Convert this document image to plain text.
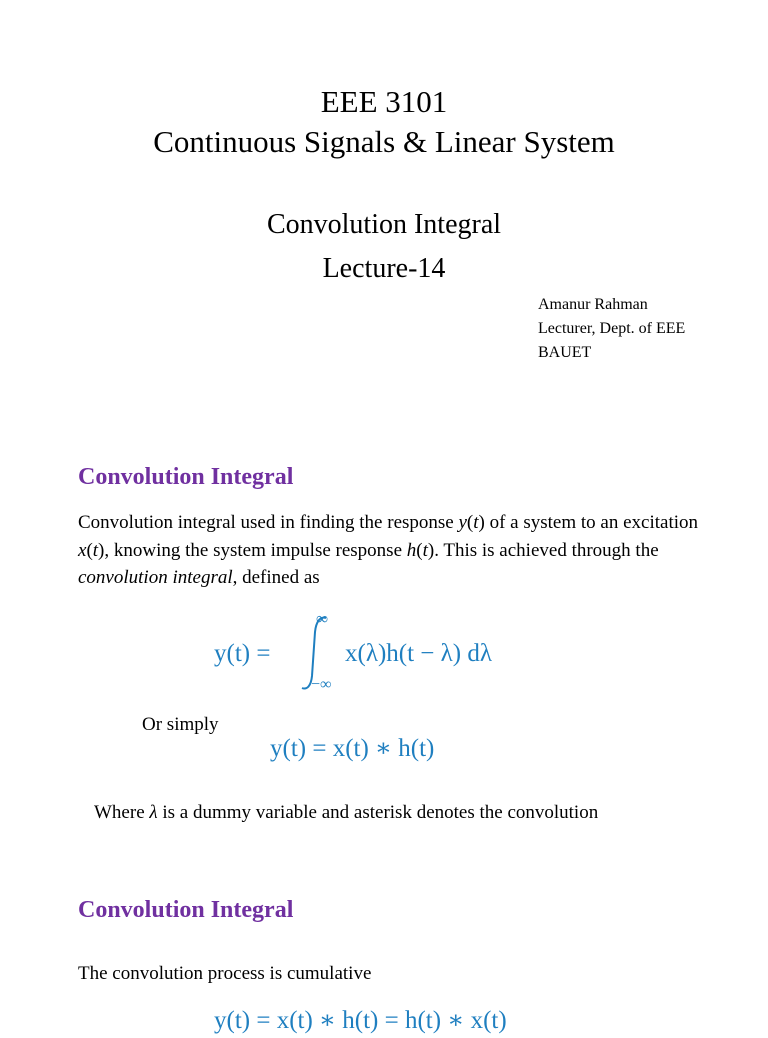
EEE 3101
Continuous Signals & Linear System
Convolution Integral
Lecture-14
Amanur Rahman
Lecturer, Dept. of EEE
BAUET
Convolution Integral
Convolution integral used in finding the response y(t) of a system to an excitation x(t), knowing the system impulse response h(t). This is achieved through the convolution integral, defined as
y(t) =
∞
−∞
x(λ)h(t − λ) dλ
Or simply
y(t) = x(t) ∗ h(t)
Where λ is a dummy variable and asterisk denotes the convolution
Convolution Integral
The convolution process is cumulative
y(t) = x(t) ∗ h(t) = h(t) ∗ x(t)
